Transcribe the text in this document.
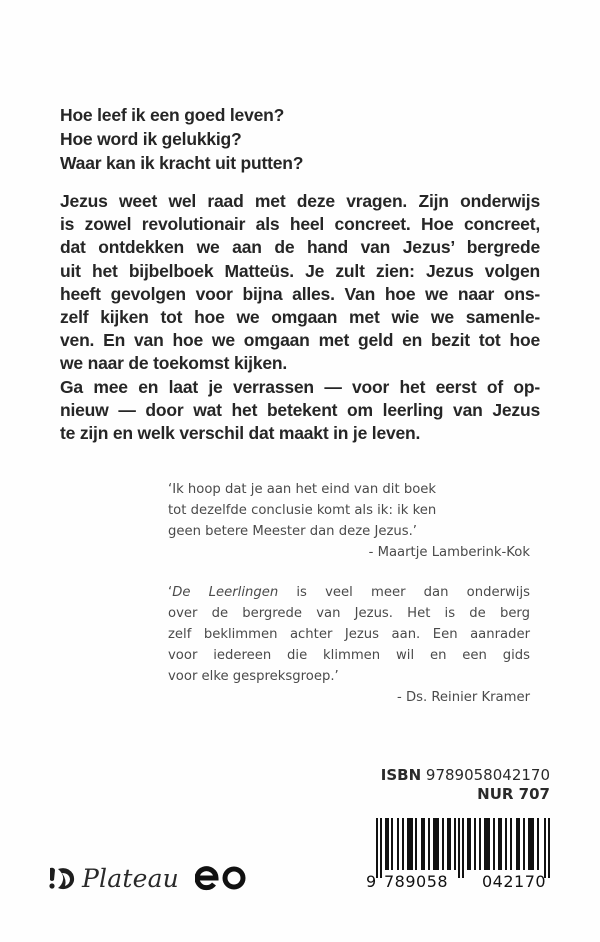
Hoe leef ik een goed leven?
Hoe word ik gelukkig?
Waar kan ik kracht uit putten?
Jezus weet wel raad met deze vragen. Zijn onderwijs
is zowel revolutionair als heel concreet. Hoe concreet,
dat ontdekken we aan de hand van Jezus’ bergrede
uit het bijbelboek Matteüs. Je zult zien: Jezus volgen
heeft gevolgen voor bijna alles. Van hoe we naar ons-
zelf kijken tot hoe we omgaan met wie we samenle-
ven. En van hoe we omgaan met geld en bezit tot hoe
we naar de toekomst kijken.
Ga mee en laat je verrassen — voor het eerst of op-
nieuw — door wat het betekent om leerling van Jezus
te zijn en welk verschil dat maakt in je leven.
‘Ik hoop dat je aan het eind van dit boek
tot dezelfde conclusie komt als ik: ik ken
geen betere Meester dan deze Jezus.’
- Maartje Lamberink-Kok
‘De Leerlingen is veel meer dan onderwijs
over de bergrede van Jezus. Het is de berg
zelf beklimmen achter Jezus aan. Een aanrader
voor iedereen die klimmen wil en een gids
voor elke gespreksgroep.’
- Ds. Reinier Kramer
ISBN 9789058042170
NUR 707
9 789058 042170
Plateau
